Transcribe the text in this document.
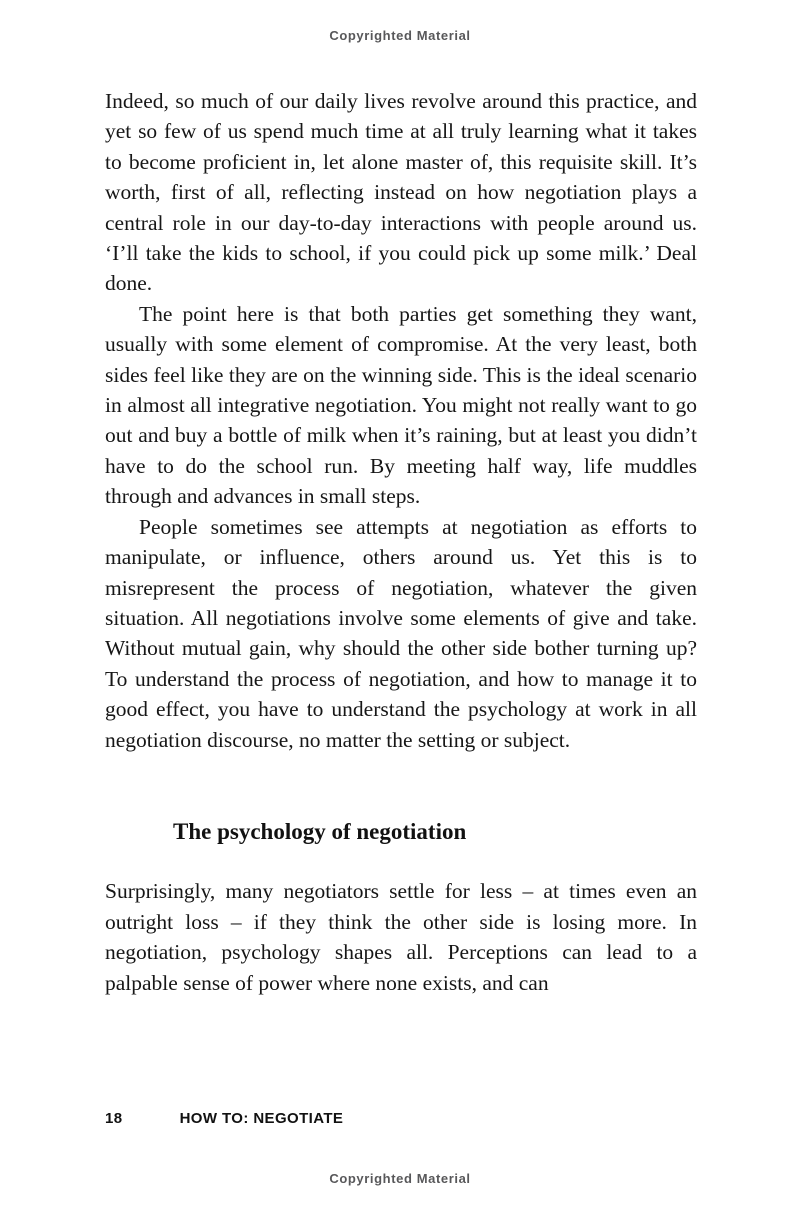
Copyrighted Material

Indeed, so much of our daily lives revolve around this practice, and yet so few of us spend much time at all truly learning what it takes to become proficient in, let alone master of, this requisite skill. It’s worth, first of all, reflecting instead on how negotiation plays a central role in our day-to-day interactions with people around us. ‘I’ll take the kids to school, if you could pick up some milk.’ Deal done.

The point here is that both parties get something they want, usually with some element of compromise. At the very least, both sides feel like they are on the winning side. This is the ideal scenario in almost all integrative negotiation. You might not really want to go out and buy a bottle of milk when it’s raining, but at least you didn’t have to do the school run. By meeting half way, life muddles through and advances in small steps.

People sometimes see attempts at negotiation as efforts to manipulate, or influence, others around us. Yet this is to misrepresent the process of negotiation, whatever the given situation. All negotiations involve some elements of give and take. Without mutual gain, why should the other side bother turning up? To understand the process of negotiation, and how to manage it to good effect, you have to understand the psychology at work in all negotiation discourse, no matter the setting or subject.

The psychology of negotiation

Surprisingly, many negotiators settle for less – at times even an outright loss – if they think the other side is losing more. In negotiation, psychology shapes all. Perceptions can lead to a palpable sense of power where none exists, and can

18	HOW TO: NEGOTIATE
Copyrighted Material
